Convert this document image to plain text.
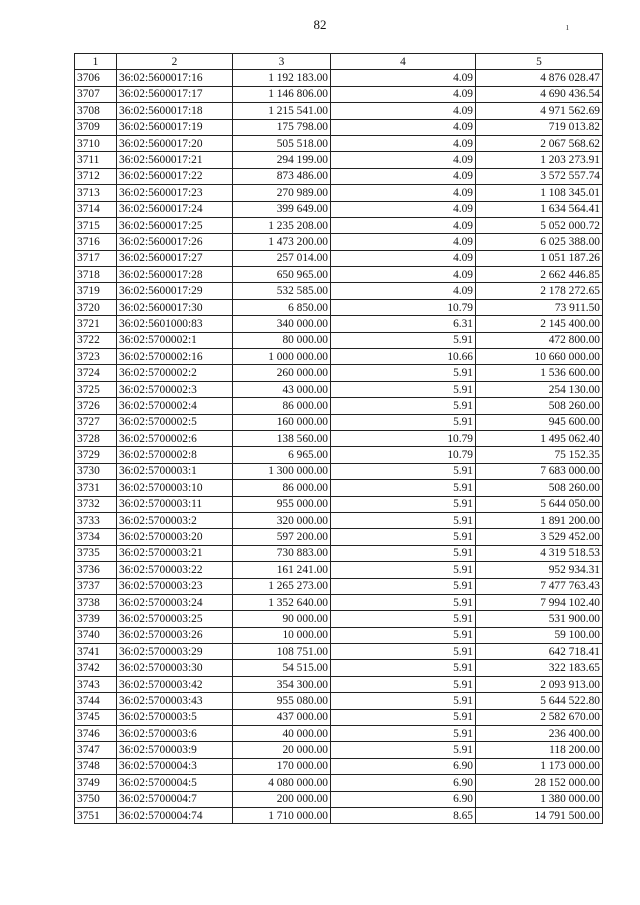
82	ı
1	2	3	4	5
3706	36:02:5600017:16	1 192 183.00	4.09	4 876 028.47
3707	36:02:5600017:17	1 146 806.00	4.09	4 690 436.54
3708	36:02:5600017:18	1 215 541.00	4.09	4 971 562.69
3709	36:02:5600017:19	175 798.00	4.09	719 013.82
3710	36:02:5600017:20	505 518.00	4.09	2 067 568.62
3711	36:02:5600017:21	294 199.00	4.09	1 203 273.91
3712	36:02:5600017:22	873 486.00	4.09	3 572 557.74
3713	36:02:5600017:23	270 989.00	4.09	1 108 345.01
3714	36:02:5600017:24	399 649.00	4.09	1 634 564.41
3715	36:02:5600017:25	1 235 208.00	4.09	5 052 000.72
3716	36:02:5600017:26	1 473 200.00	4.09	6 025 388.00
3717	36:02:5600017:27	257 014.00	4.09	1 051 187.26
3718	36:02:5600017:28	650 965.00	4.09	2 662 446.85
3719	36:02:5600017:29	532 585.00	4.09	2 178 272.65
3720	36:02:5600017:30	6 850.00	10.79	73 911.50
3721	36:02:5601000:83	340 000.00	6.31	2 145 400.00
3722	36:02:5700002:1	80 000.00	5.91	472 800.00
3723	36:02:5700002:16	1 000 000.00	10.66	10 660 000.00
3724	36:02:5700002:2	260 000.00	5.91	1 536 600.00
3725	36:02:5700002:3	43 000.00	5.91	254 130.00
3726	36:02:5700002:4	86 000.00	5.91	508 260.00
3727	36:02:5700002:5	160 000.00	5.91	945 600.00
3728	36:02:5700002:6	138 560.00	10.79	1 495 062.40
3729	36:02:5700002:8	6 965.00	10.79	75 152.35
3730	36:02:5700003:1	1 300 000.00	5.91	7 683 000.00
3731	36:02:5700003:10	86 000.00	5.91	508 260.00
3732	36:02:5700003:11	955 000.00	5.91	5 644 050.00
3733	36:02:5700003:2	320 000.00	5.91	1 891 200.00
3734	36:02:5700003:20	597 200.00	5.91	3 529 452.00
3735	36:02:5700003:21	730 883.00	5.91	4 319 518.53
3736	36:02:5700003:22	161 241.00	5.91	952 934.31
3737	36:02:5700003:23	1 265 273.00	5.91	7 477 763.43
3738	36:02:5700003:24	1 352 640.00	5.91	7 994 102.40
3739	36:02:5700003:25	90 000.00	5.91	531 900.00
3740	36:02:5700003:26	10 000.00	5.91	59 100.00
3741	36:02:5700003:29	108 751.00	5.91	642 718.41
3742	36:02:5700003:30	54 515.00	5.91	322 183.65
3743	36:02:5700003:42	354 300.00	5.91	2 093 913.00
3744	36:02:5700003:43	955 080.00	5.91	5 644 522.80
3745	36:02:5700003:5	437 000.00	5.91	2 582 670.00
3746	36:02:5700003:6	40 000.00	5.91	236 400.00
3747	36:02:5700003:9	20 000.00	5.91	118 200.00
3748	36:02:5700004:3	170 000.00	6.90	1 173 000.00
3749	36:02:5700004:5	4 080 000.00	6.90	28 152 000.00
3750	36:02:5700004:7	200 000.00	6.90	1 380 000.00
3751	36:02:5700004:74	1 710 000.00	8.65	14 791 500.00
